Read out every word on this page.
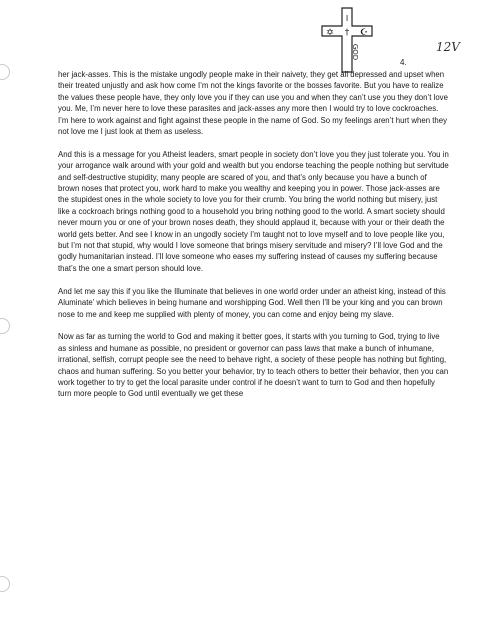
I
†
✡	☪
GOD
4.
12V

her jack-asses. This is the mistake ungodly people make in their naivety, they get all depressed and upset when their treated unjustly and ask how come I’m not the kings favorite or the bosses favorite. But you have to realize the values these people have, they only love you if they can use you and when they can’t use you they don’t love you. Me, I’m never here to love these parasites and jack-asses any more then I would try to love cockroaches. I’m here to work against and fight against these people in the name of God. So my feelings aren’t hurt when they not love me I just look at them as useless.

And this is a message for you Atheist leaders, smart people in society don’t love you they just tolerate you. You in your arrogance walk around with your gold and wealth but you endorse teaching the people nothing but servitude and self-destructive stupidity, many people are scared of you, and that’s only because you have a bunch of brown noses that protect you, work hard to make you wealthy and keeping you in power. Those jack-asses are the stupidest ones in the whole society to love you for their crumb. You bring the world nothing but misery, just like a cockroach brings nothing good to a household you bring nothing good to the world. A smart society should never mourn you or one of your brown noses death, they should applaud it, because with your or their death the world gets better. And see I know in an ungodly society I’m taught not to love myself and to love people like you, but I’m not that stupid, why would I love someone that brings misery servitude and misery? I’ll love God and the godly humanitarian instead. I’ll love someone who eases my suffering instead of causes my suffering because that’s the one a smart person should love.

And let me say this if you like the Illuminate that believes in one world order under an atheist king, instead of this Aluminate’ which believes in being humane and worshipping God. Well then I’ll be your king and you can brown nose to me and keep me supplied with plenty of money, you can come and enjoy being my slave.

Now as far as turning the world to God and making it better goes, it starts with you turning to God, trying to live as sinless and humane as possible, no president or governor can pass laws that make a bunch of inhumane, irrational, selfish, corrupt people see the need to behave right, a society of these people has nothing but fighting, chaos and human suffering. So you better your behavior, try to teach others to better their behavior, then you can work together to try to get the local parasite under control if he doesn’t want to turn to God and then hopefully turn more people to God until eventually we get these
